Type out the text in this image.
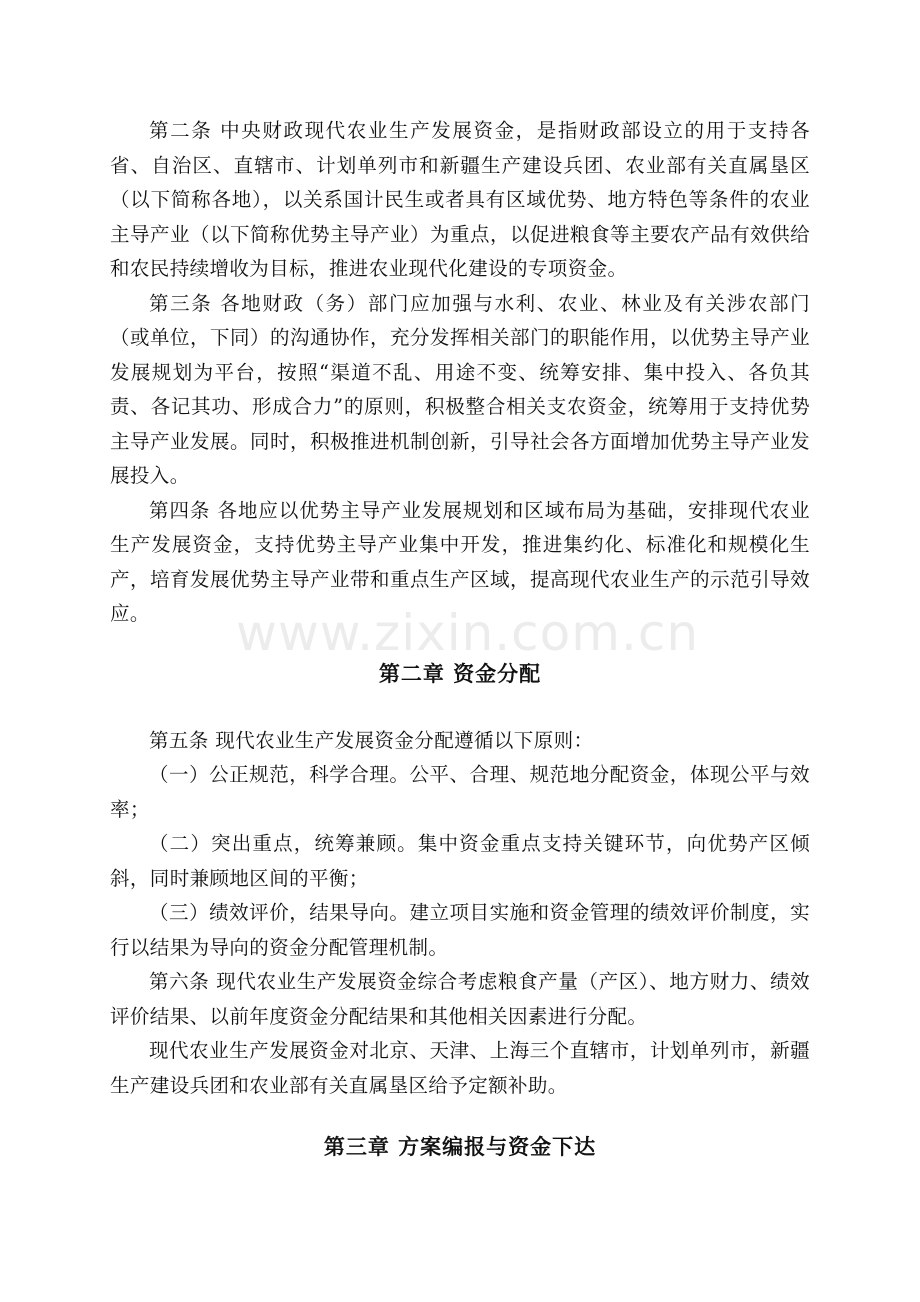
www.zixin.com.cn

第二条 中央财政现代农业生产发展资金，是指财政部设立的用于支持各省、自治区、直辖市、计划单列市和新疆生产建设兵团、农业部有关直属垦区（以下简称各地），以关系国计民生或者具有区域优势、地方特色等条件的农业主导产业（以下简称优势主导产业）为重点，以促进粮食等主要农产品有效供给和农民持续增收为目标，推进农业现代化建设的专项资金。

第三条 各地财政（务）部门应加强与水利、农业、林业及有关涉农部门（或单位，下同）的沟通协作，充分发挥相关部门的职能作用，以优势主导产业发展规划为平台，按照“渠道不乱、用途不变、统筹安排、集中投入、各负其责、各记其功、形成合力”的原则，积极整合相关支农资金，统筹用于支持优势主导产业发展。同时，积极推进机制创新，引导社会各方面增加优势主导产业发展投入。

第四条 各地应以优势主导产业发展规划和区域布局为基础，安排现代农业生产发展资金，支持优势主导产业集中开发，推进集约化、标准化和规模化生产，培育发展优势主导产业带和重点生产区域，提高现代农业生产的示范引导效应。

第二章 资金分配

第五条 现代农业生产发展资金分配遵循以下原则：

（一）公正规范，科学合理。公平、合理、规范地分配资金，体现公平与效率；

（二）突出重点，统筹兼顾。集中资金重点支持关键环节，向优势产区倾斜，同时兼顾地区间的平衡；

（三）绩效评价，结果导向。建立项目实施和资金管理的绩效评价制度，实行以结果为导向的资金分配管理机制。

第六条 现代农业生产发展资金综合考虑粮食产量（产区）、地方财力、绩效评价结果、以前年度资金分配结果和其他相关因素进行分配。

现代农业生产发展资金对北京、天津、上海三个直辖市，计划单列市，新疆生产建设兵团和农业部有关直属垦区给予定额补助。

第三章 方案编报与资金下达
